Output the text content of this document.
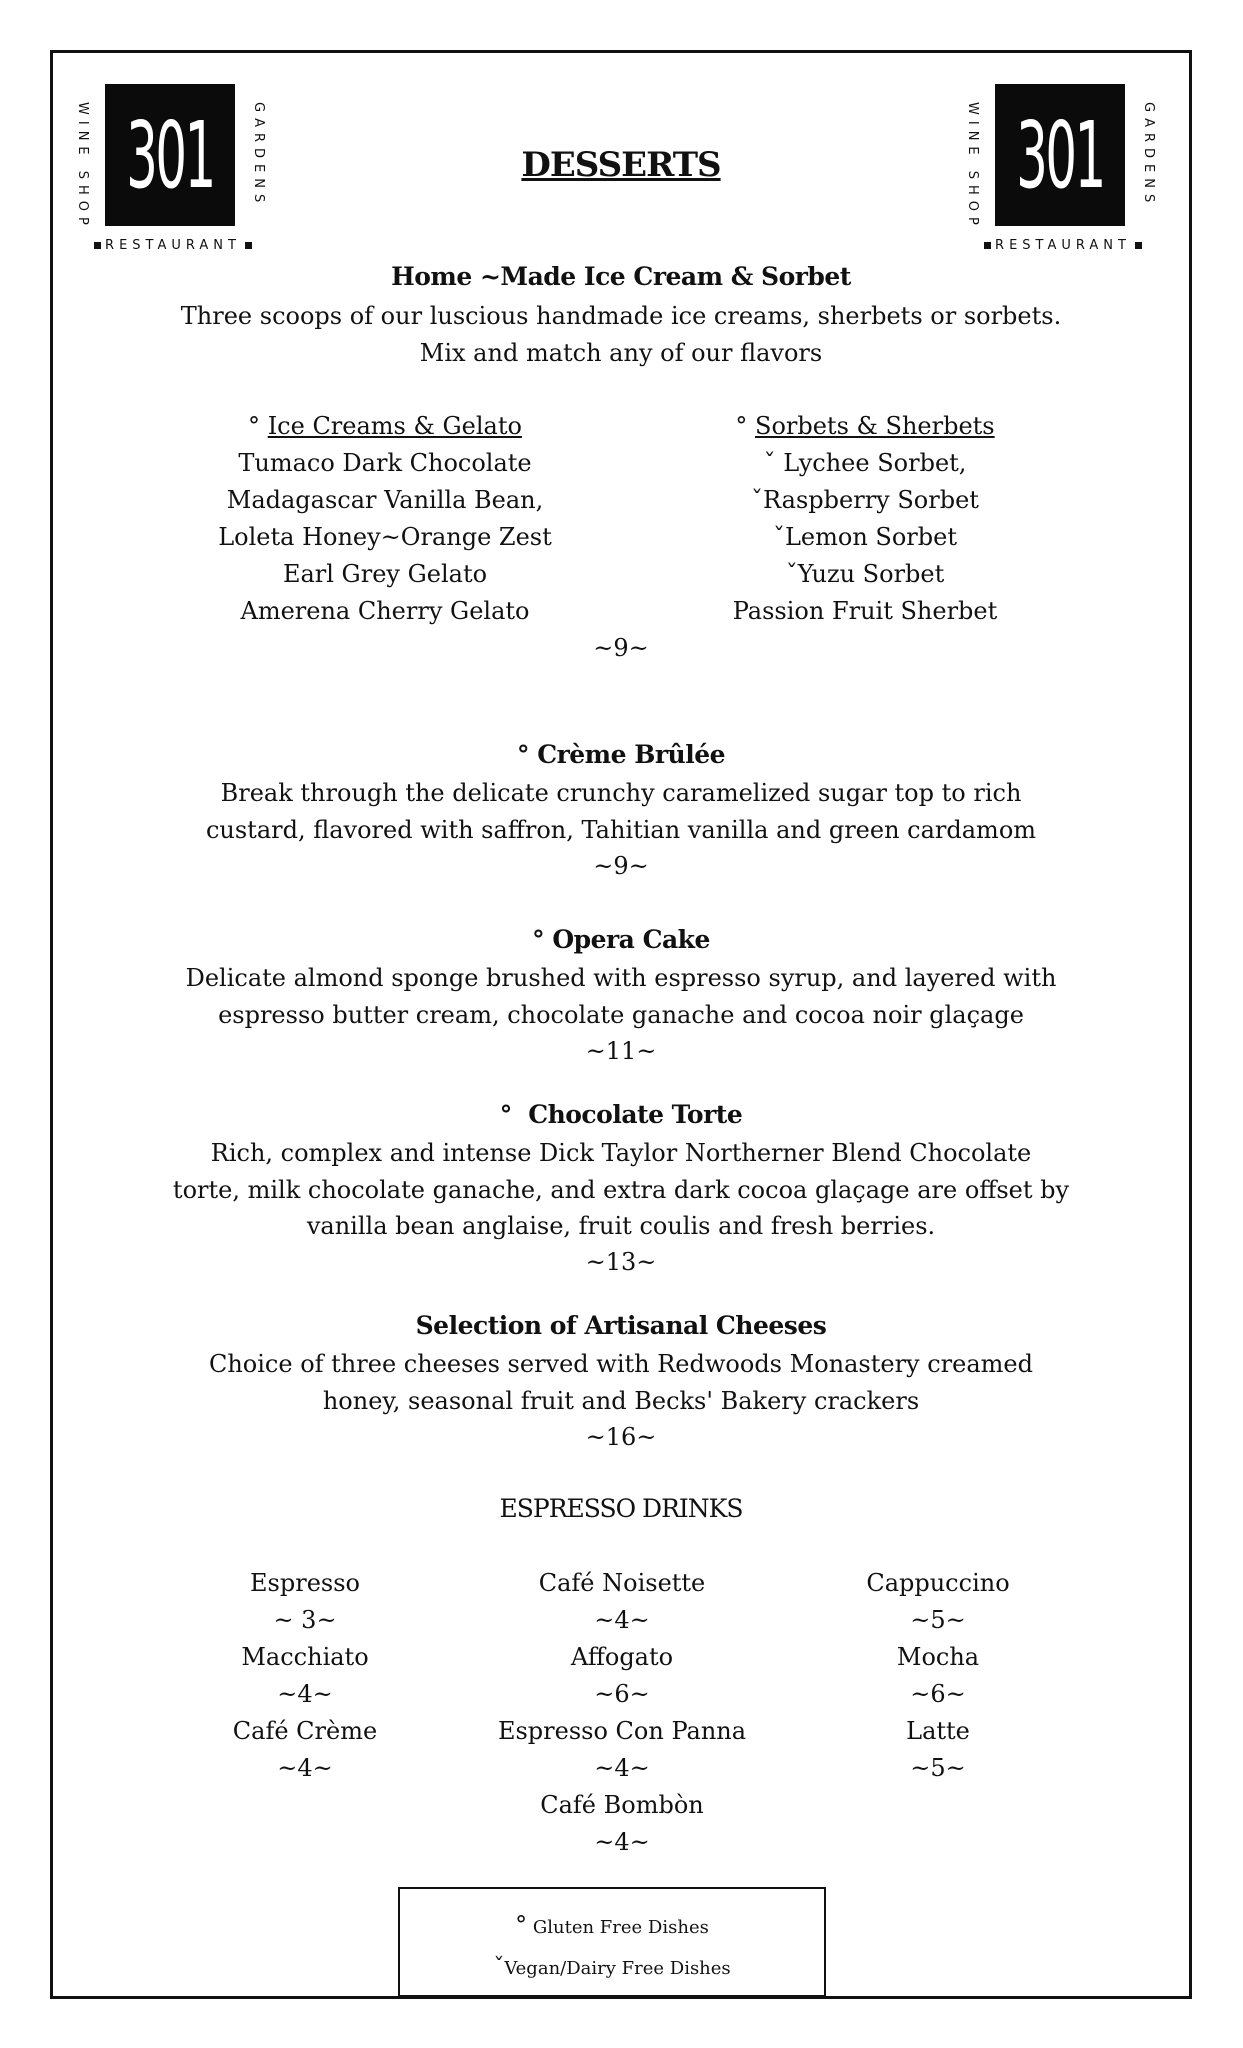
WINE SHOP 301	GARDENS
RESTAURANT
WINE SHOP 301	GARDENS
RESTAURANT
DESSERTS
Home ~Made Ice Cream & Sorbet
Three scoops of our luscious handmade ice creams, sherbets or sorbets.
Mix and match any of our flavors
° Ice Creams & Gelato
Tumaco Dark Chocolate
Madagascar Vanilla Bean,
Loleta Honey~Orange Zest
Earl Grey Gelato
Amerena Cherry Gelato
° Sorbets & Sherbets
ˇ Lychee Sorbet,
ˇRaspberry Sorbet
ˇLemon Sorbet
ˇYuzu Sorbet
Passion Fruit Sherbet
~9~
° Crème Brûlée
Break through the delicate crunchy caramelized sugar top to rich
custard, flavored with saffron, Tahitian vanilla and green cardamom
~9~
° Opera Cake
Delicate almond sponge brushed with espresso syrup, and layered with
espresso butter cream, chocolate ganache and cocoa noir glaçage
~11~
°  Chocolate Torte
Rich, complex and intense Dick Taylor Northerner Blend Chocolate
torte, milk chocolate ganache, and extra dark cocoa glaçage are offset by
vanilla bean anglaise, fruit coulis and fresh berries.
~13~
Selection of Artisanal Cheeses
Choice of three cheeses served with Redwoods Monastery creamed
honey, seasonal fruit and Becks' Bakery crackers
~16~
ESPRESSO DRINKS
Espresso
~ 3~
Macchiato
~4~
Café Crème
~4~
Café Noisette
~4~
Affogato
~6~
Espresso Con Panna
~4~
Café Bombòn
~4~
Cappuccino
~5~
Mocha
~6~
Latte
~5~
° Gluten Free Dishes
ˇVegan/Dairy Free Dishes
